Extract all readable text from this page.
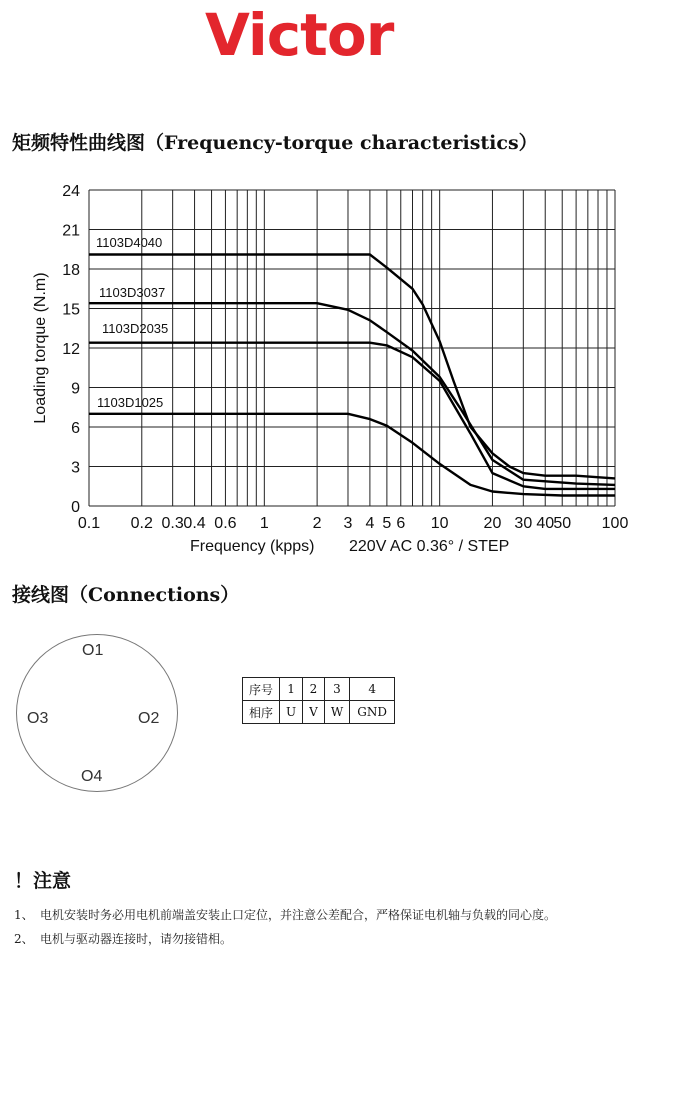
Victor
矩频特性曲线图（Frequency-torque characteristics）
0
3
6
9
12
15
18
21
24
0.1 0.2 0.3 0.4 0.6 1	2 3 4 5 6 10 20 30 40 50 100
1103D4040
1103D3037
1103D2035
1103D1025
Loading torque (N.m)
Frequency (kpps) 220V AC 0.36° / STEP
接线图（Connections）
O1
O2
O3
O4
序号	1	2	3	4
相序	U	V	W	GND
！注意
1、 电机安装时务必用电机前端盖安装止口定位，并注意公差配合，严格保证电机轴与负载的同心度。
2、 电机与驱动器连接时，请勿接错相。
